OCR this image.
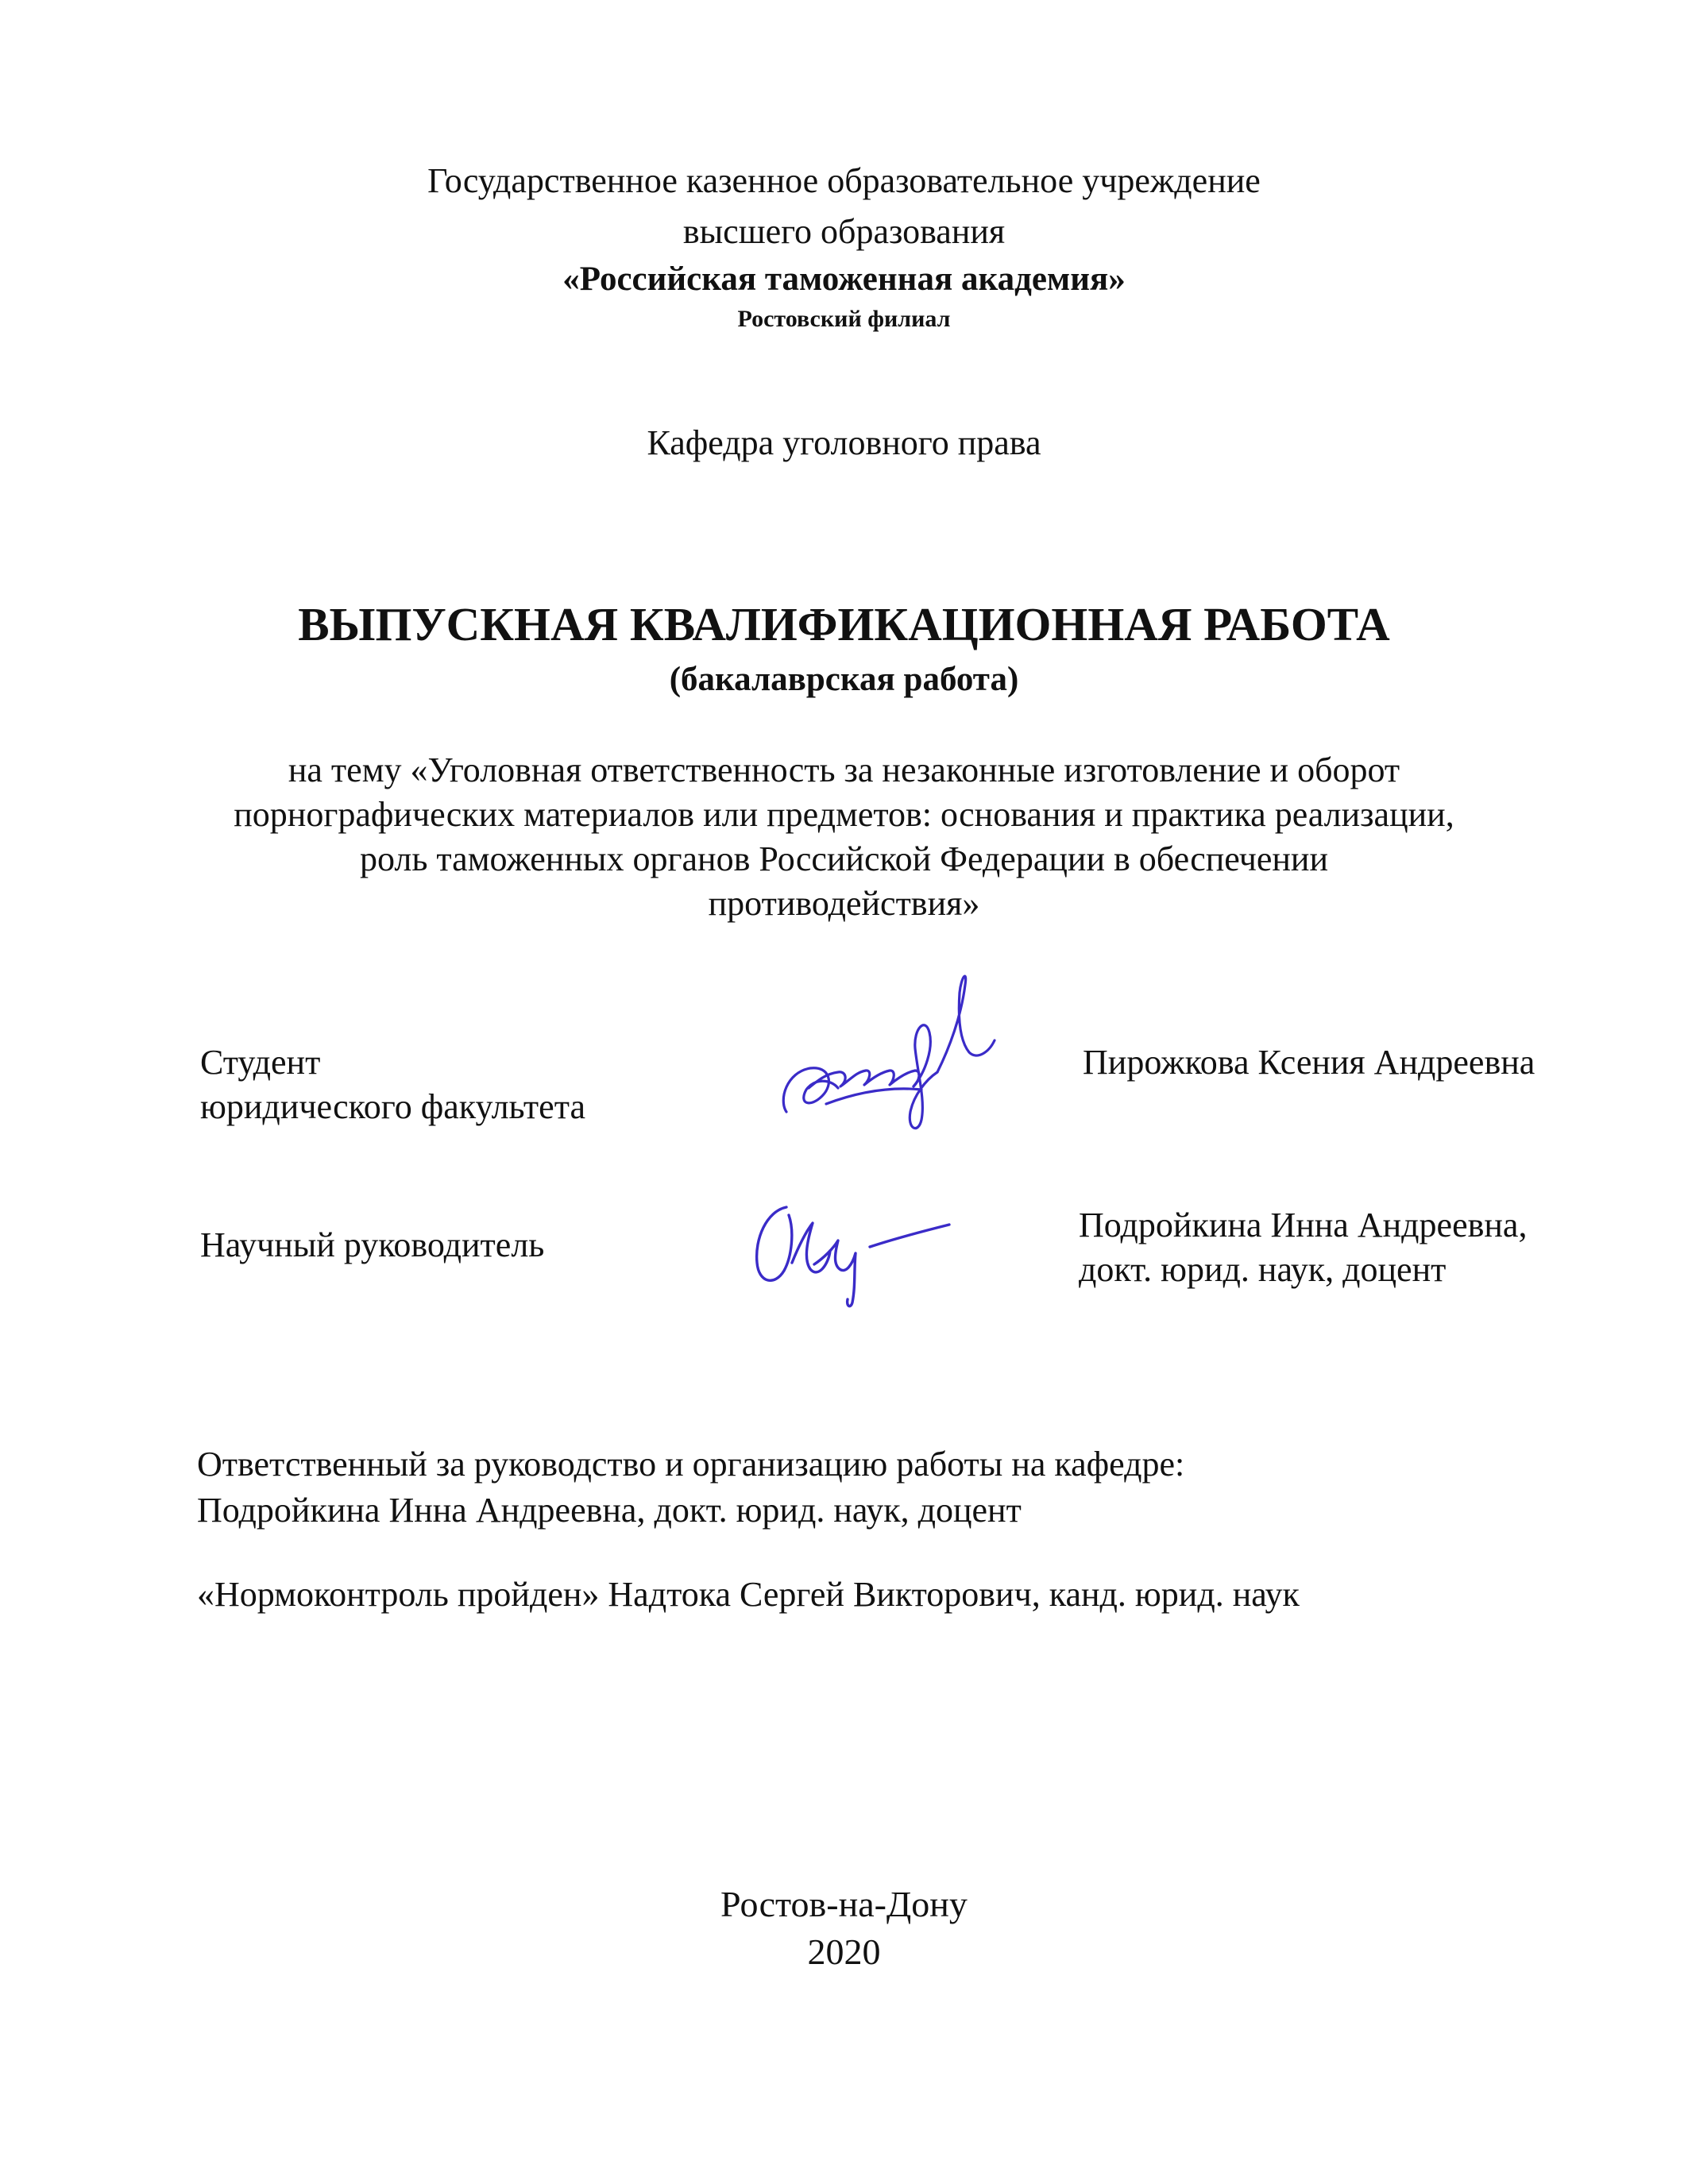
Государственное казенное образовательное учреждение
высшего образования
«Российская таможенная академия»
Ростовский филиал
Кафедра уголовного права
ВЫПУСКНАЯ КВАЛИФИКАЦИОННАЯ РАБОТА
(бакалаврская работа)
на тему «Уголовная ответственность за незаконные изготовление и оборот
порнографических материалов или предметов: основания и практика реализации,
роль таможенных органов Российской Федерации в обеспечении
противодействия»
Студент
юридического факультета
Пирожкова Ксения Андреевна
Научный руководитель
Подройкина Инна Андреевна,
докт. юрид. наук, доцент
Ответственный за руководство и организацию работы на кафедре:
Подройкина Инна Андреевна, докт. юрид. наук, доцент
«Нормоконтроль пройден» Надтока Сергей Викторович, канд. юрид. наук
Ростов-на-Дону
2020
